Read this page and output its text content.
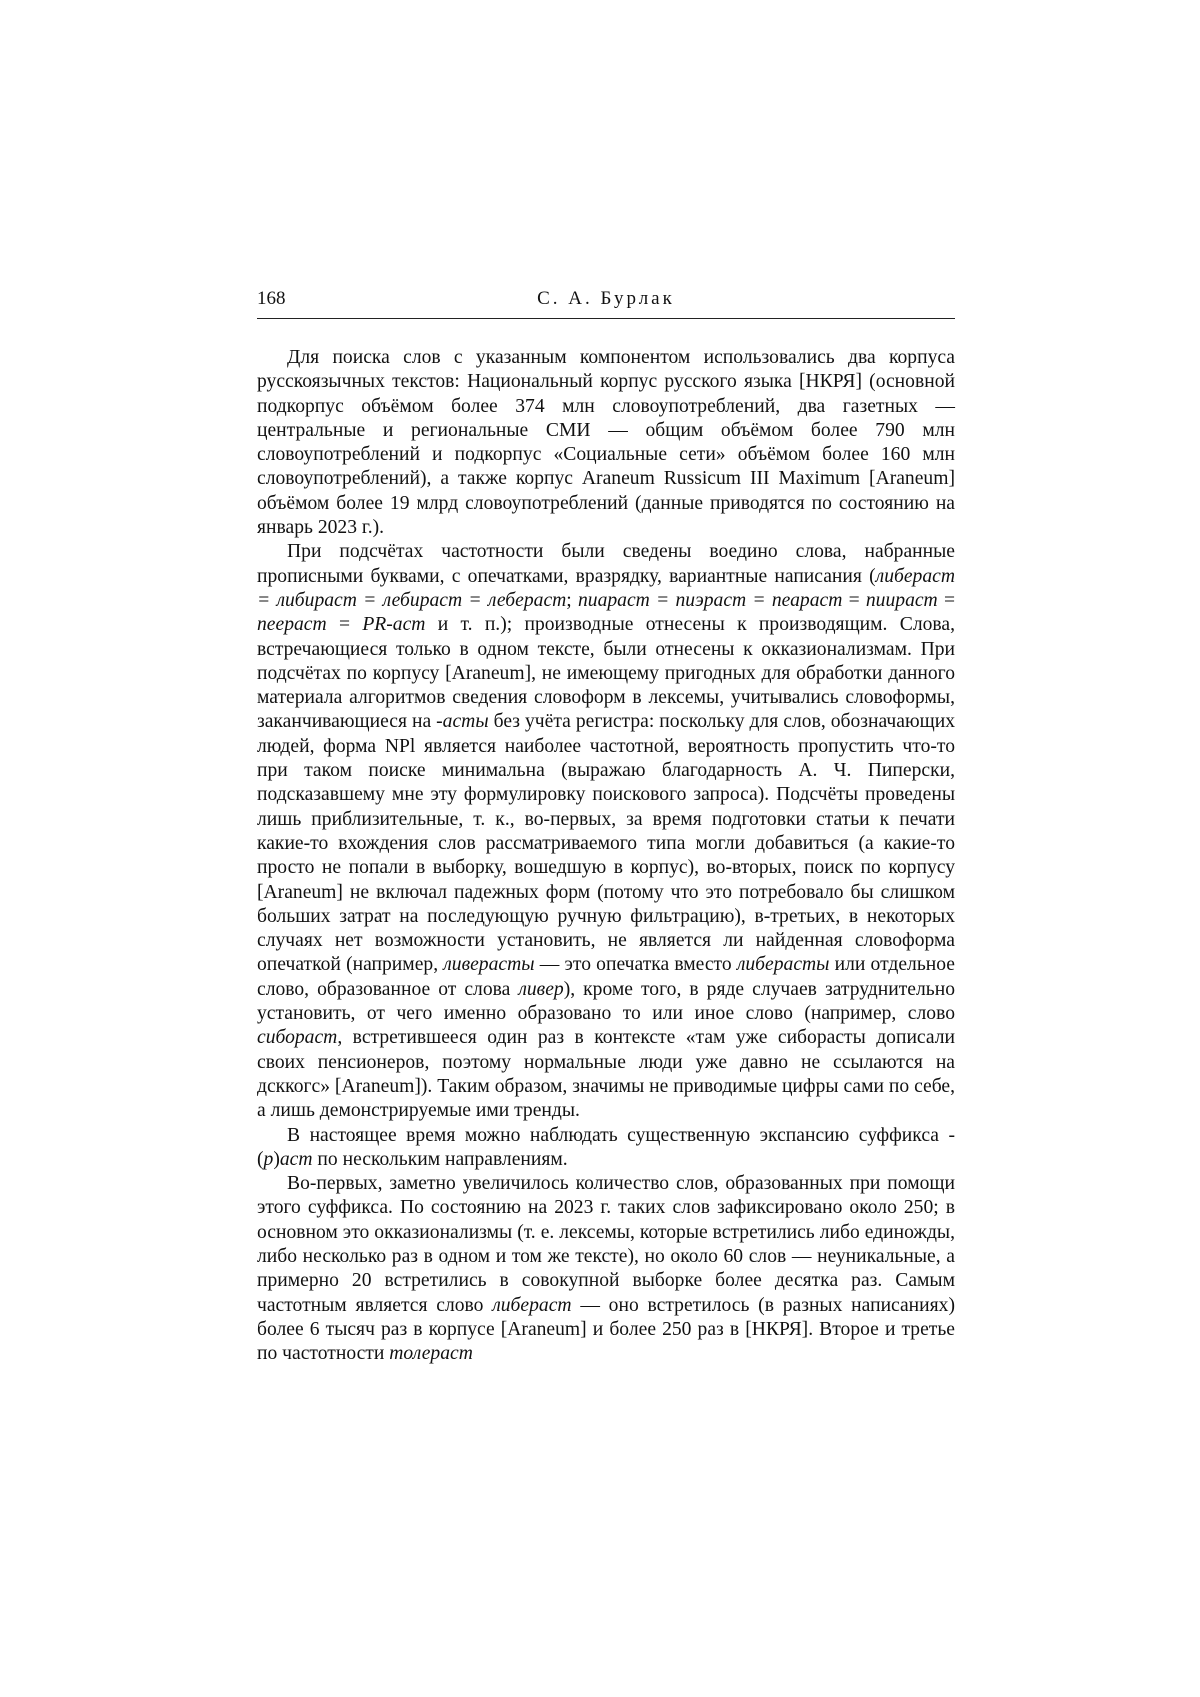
168	С. А. Бурлак

Для поиска слов с указанным компонентом использовались два корпуса русскоязычных текстов: Национальный корпус русского языка [НКРЯ] (основной подкорпус объёмом более 374 млн словоупотреблений, два газетных — центральные и региональные СМИ — общим объёмом более 790 млн словоупотреблений и подкорпус «Социальные сети» объёмом более 160 млн словоупотреблений), а также корпус Araneum Russicum III Maximum [Araneum] объёмом более 19 млрд словоупотреблений (данные приводятся по состоянию на январь 2023 г.).

При подсчётах частотности были сведены воедино слова, набранные прописными буквами, с опечатками, вразрядку, вариантные написания (либераст = либираст = лебираст = лебераст; пиараст = пиэраст = пеараст = пиираст = пеераст = PR-аст и т. п.); производные отнесены к производящим. Слова, встречающиеся только в одном тексте, были отнесены к окказионализмам. При подсчётах по корпусу [Araneum], не имеющему пригодных для обработки данного материала алгоритмов сведения словоформ в лексемы, учитывались словоформы, заканчивающиеся на -асты без учёта регистра: поскольку для слов, обозначающих людей, форма NPl является наиболее частотной, вероятность пропустить что-то при таком поиске минимальна (выражаю благодарность А. Ч. Пиперски, подсказавшему мне эту формулировку поискового запроса). Подсчёты проведены лишь приблизительные, т. к., во-первых, за время подготовки статьи к печати какие-то вхождения слов рассматриваемого типа могли добавиться (а какие-то просто не попали в выборку, вошедшую в корпус), во-вторых, поиск по корпусу [Araneum] не включал падежных форм (потому что это потребовало бы слишком больших затрат на последующую ручную фильтрацию), в-третьих, в некоторых случаях нет возможности установить, не является ли найденная словоформа опечаткой (например, ливерасты — это опечатка вместо либерасты или отдельное слово, образованное от слова ливер), кроме того, в ряде случаев затруднительно установить, от чего именно образовано то или иное слово (например, слово сибораст, встретившееся один раз в контексте «там уже сиборасты дописали своих пенсионеров, поэтому нормальные люди уже давно не ссылаются на дсккогс» [Araneum]). Таким образом, значимы не приводимые цифры сами по себе, а лишь демонстрируемые ими тренды.

В настоящее время можно наблюдать существенную экспансию суффикса -(р)аст по нескольким направлениям.

Во-первых, заметно увеличилось количество слов, образованных при помощи этого суффикса. По состоянию на 2023 г. таких слов зафиксировано около 250; в основном это окказионализмы (т. е. лексемы, которые встретились либо единожды, либо несколько раз в одном и том же тексте), но около 60 слов — неуникальные, а примерно 20 встретились в совокупной выборке более десятка раз. Самым частотным является слово либераст — оно встретилось (в разных написаниях) более 6 тысяч раз в корпусе [Araneum] и более 250 раз в [НКРЯ]. Второе и третье по частотности толераст
